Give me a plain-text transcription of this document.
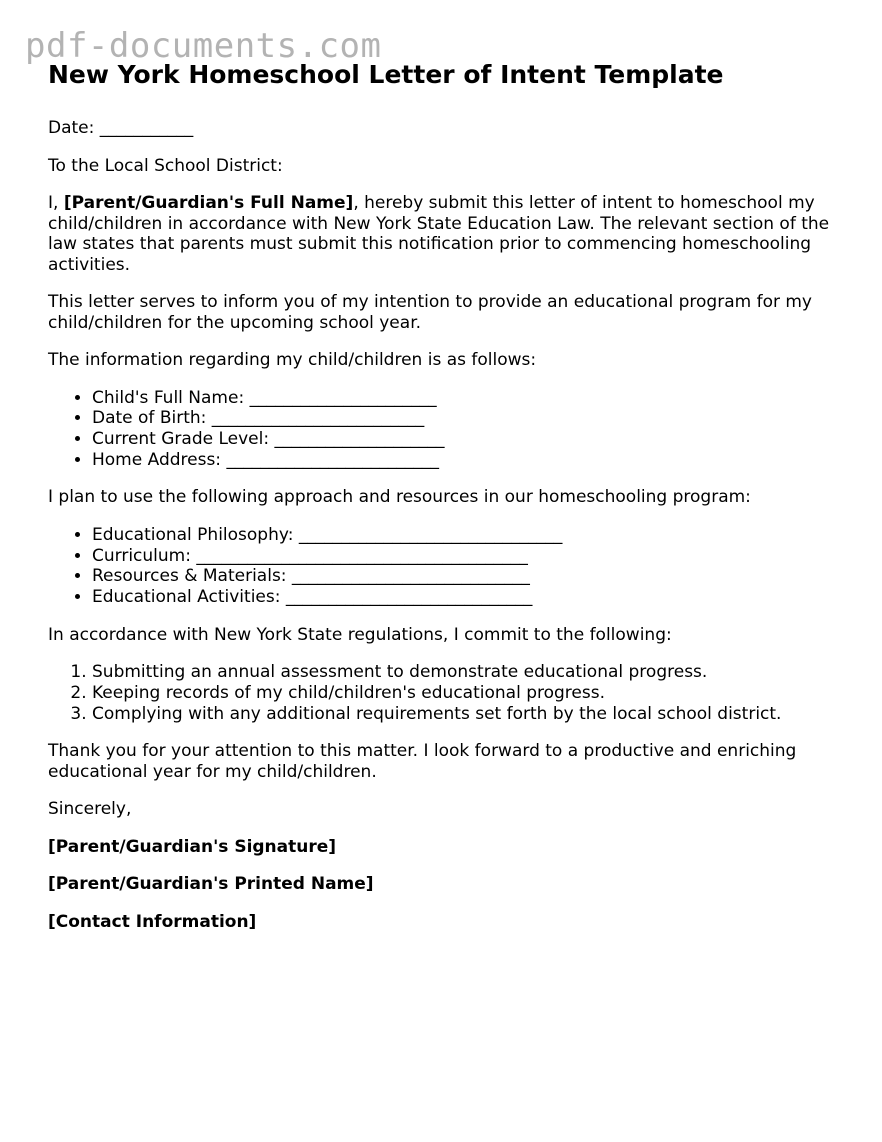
pdf-documents.com
New York Homeschool Letter of Intent Template

Date: ___________

To the Local School District:

I, [Parent/Guardian's Full Name], hereby submit this letter of intent to homeschool my child/children in accordance with New York State Education Law. The relevant section of the law states that parents must submit this notification prior to commencing homeschooling activities.

This letter serves to inform you of my intention to provide an educational program for my child/children for the upcoming school year.

The information regarding my child/children is as follows:

• Child's Full Name: ______________________
• Date of Birth: _________________________
• Current Grade Level: ____________________
• Home Address: _________________________

I plan to use the following approach and resources in our homeschooling program:

• Educational Philosophy: _______________________________
• Curriculum: _______________________________________
• Resources & Materials: ____________________________
• Educational Activities: _____________________________

In accordance with New York State regulations, I commit to the following:

1. Submitting an annual assessment to demonstrate educational progress.
2. Keeping records of my child/children's educational progress.
3. Complying with any additional requirements set forth by the local school district.

Thank you for your attention to this matter. I look forward to a productive and enriching educational year for my child/children.

Sincerely,

[Parent/Guardian's Signature]

[Parent/Guardian's Printed Name]

[Contact Information]
